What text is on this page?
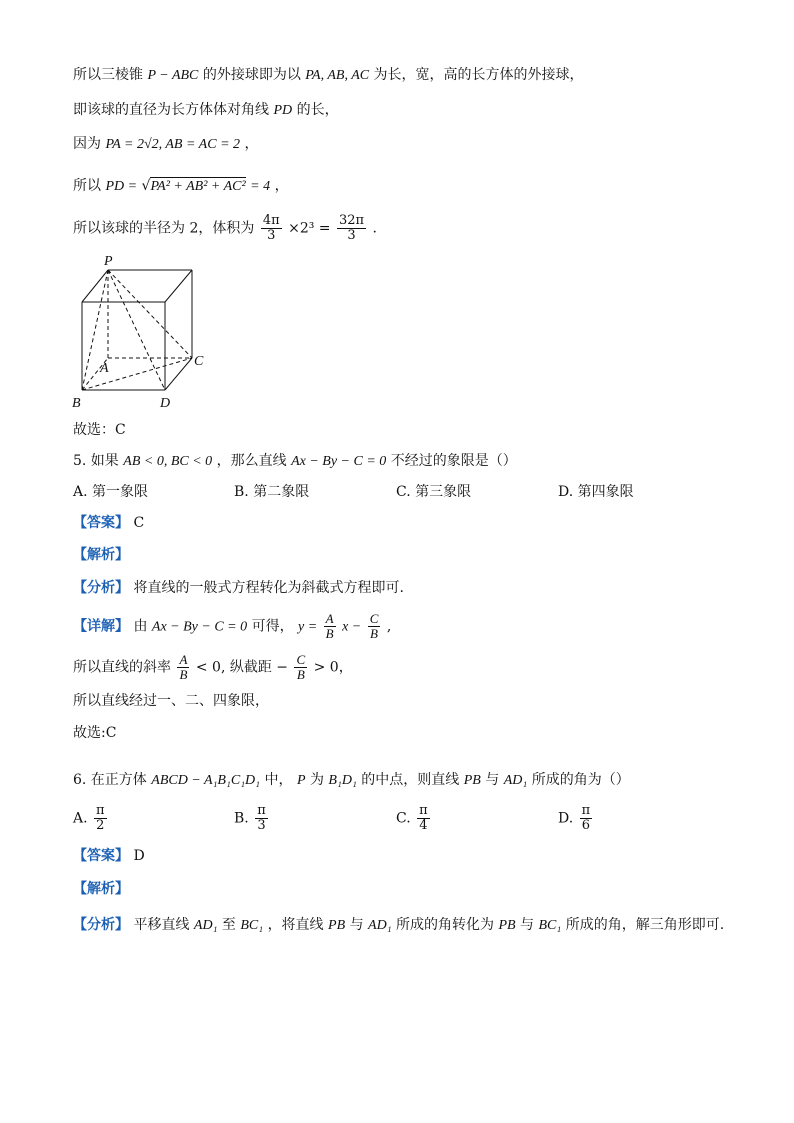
所以三棱锥 P − ABC 的外接球即为以 PA, AB, AC 为长，宽，高的长方体的外接球，
即该球的直径为长方体体对角线 PD 的长，
因为 PA = 2√2, AB = AC = 2 ，
所以 PD = √PA² + AB² + AC² = 4 ，
所以该球的半径为 2，体积为 $\frac{4\pi}{3} \times 2^3 = \frac{32\pi}{3}$ .
P
A
B
C
D
故选：C
5. 如果 AB < 0, BC < 0 ，那么直线 Ax − By − C = 0 不经过的象限是（）
A. 第一象限	B. 第二象限	C. 第三象限	D. 第四象限
【答案】 C
【解析】
【分析】 将直线的一般式方程转化为斜截式方程即可.
【详解】 由 Ax − By − C = 0 可得， $y = \frac{A}{B}$ $x - \frac{C}{B}$ ,
所以直线的斜率 $\frac{A}{B} < 0$, 纵截距 − $\frac{C}{B} > 0$，
所以直线经过一、二、四象限，
故选:C
6. 在正方体 ABCD − A₁B₁C₁D₁ 中， P 为 B₁D₁ 的中点，则直线 PB 与 AD₁ 所成的角为（）
A. $\frac{\pi}{2}$	B. $\frac{\pi}{3}$	C. $\frac{\pi}{4}$	D. $\frac{\pi}{6}$
【答案】 D
【解析】
【分析】 平移直线 AD₁ 至 BC₁ ，将直线 PB 与 AD₁ 所成的角转化为 PB 与 BC₁ 所成的角，解三角形即可.
